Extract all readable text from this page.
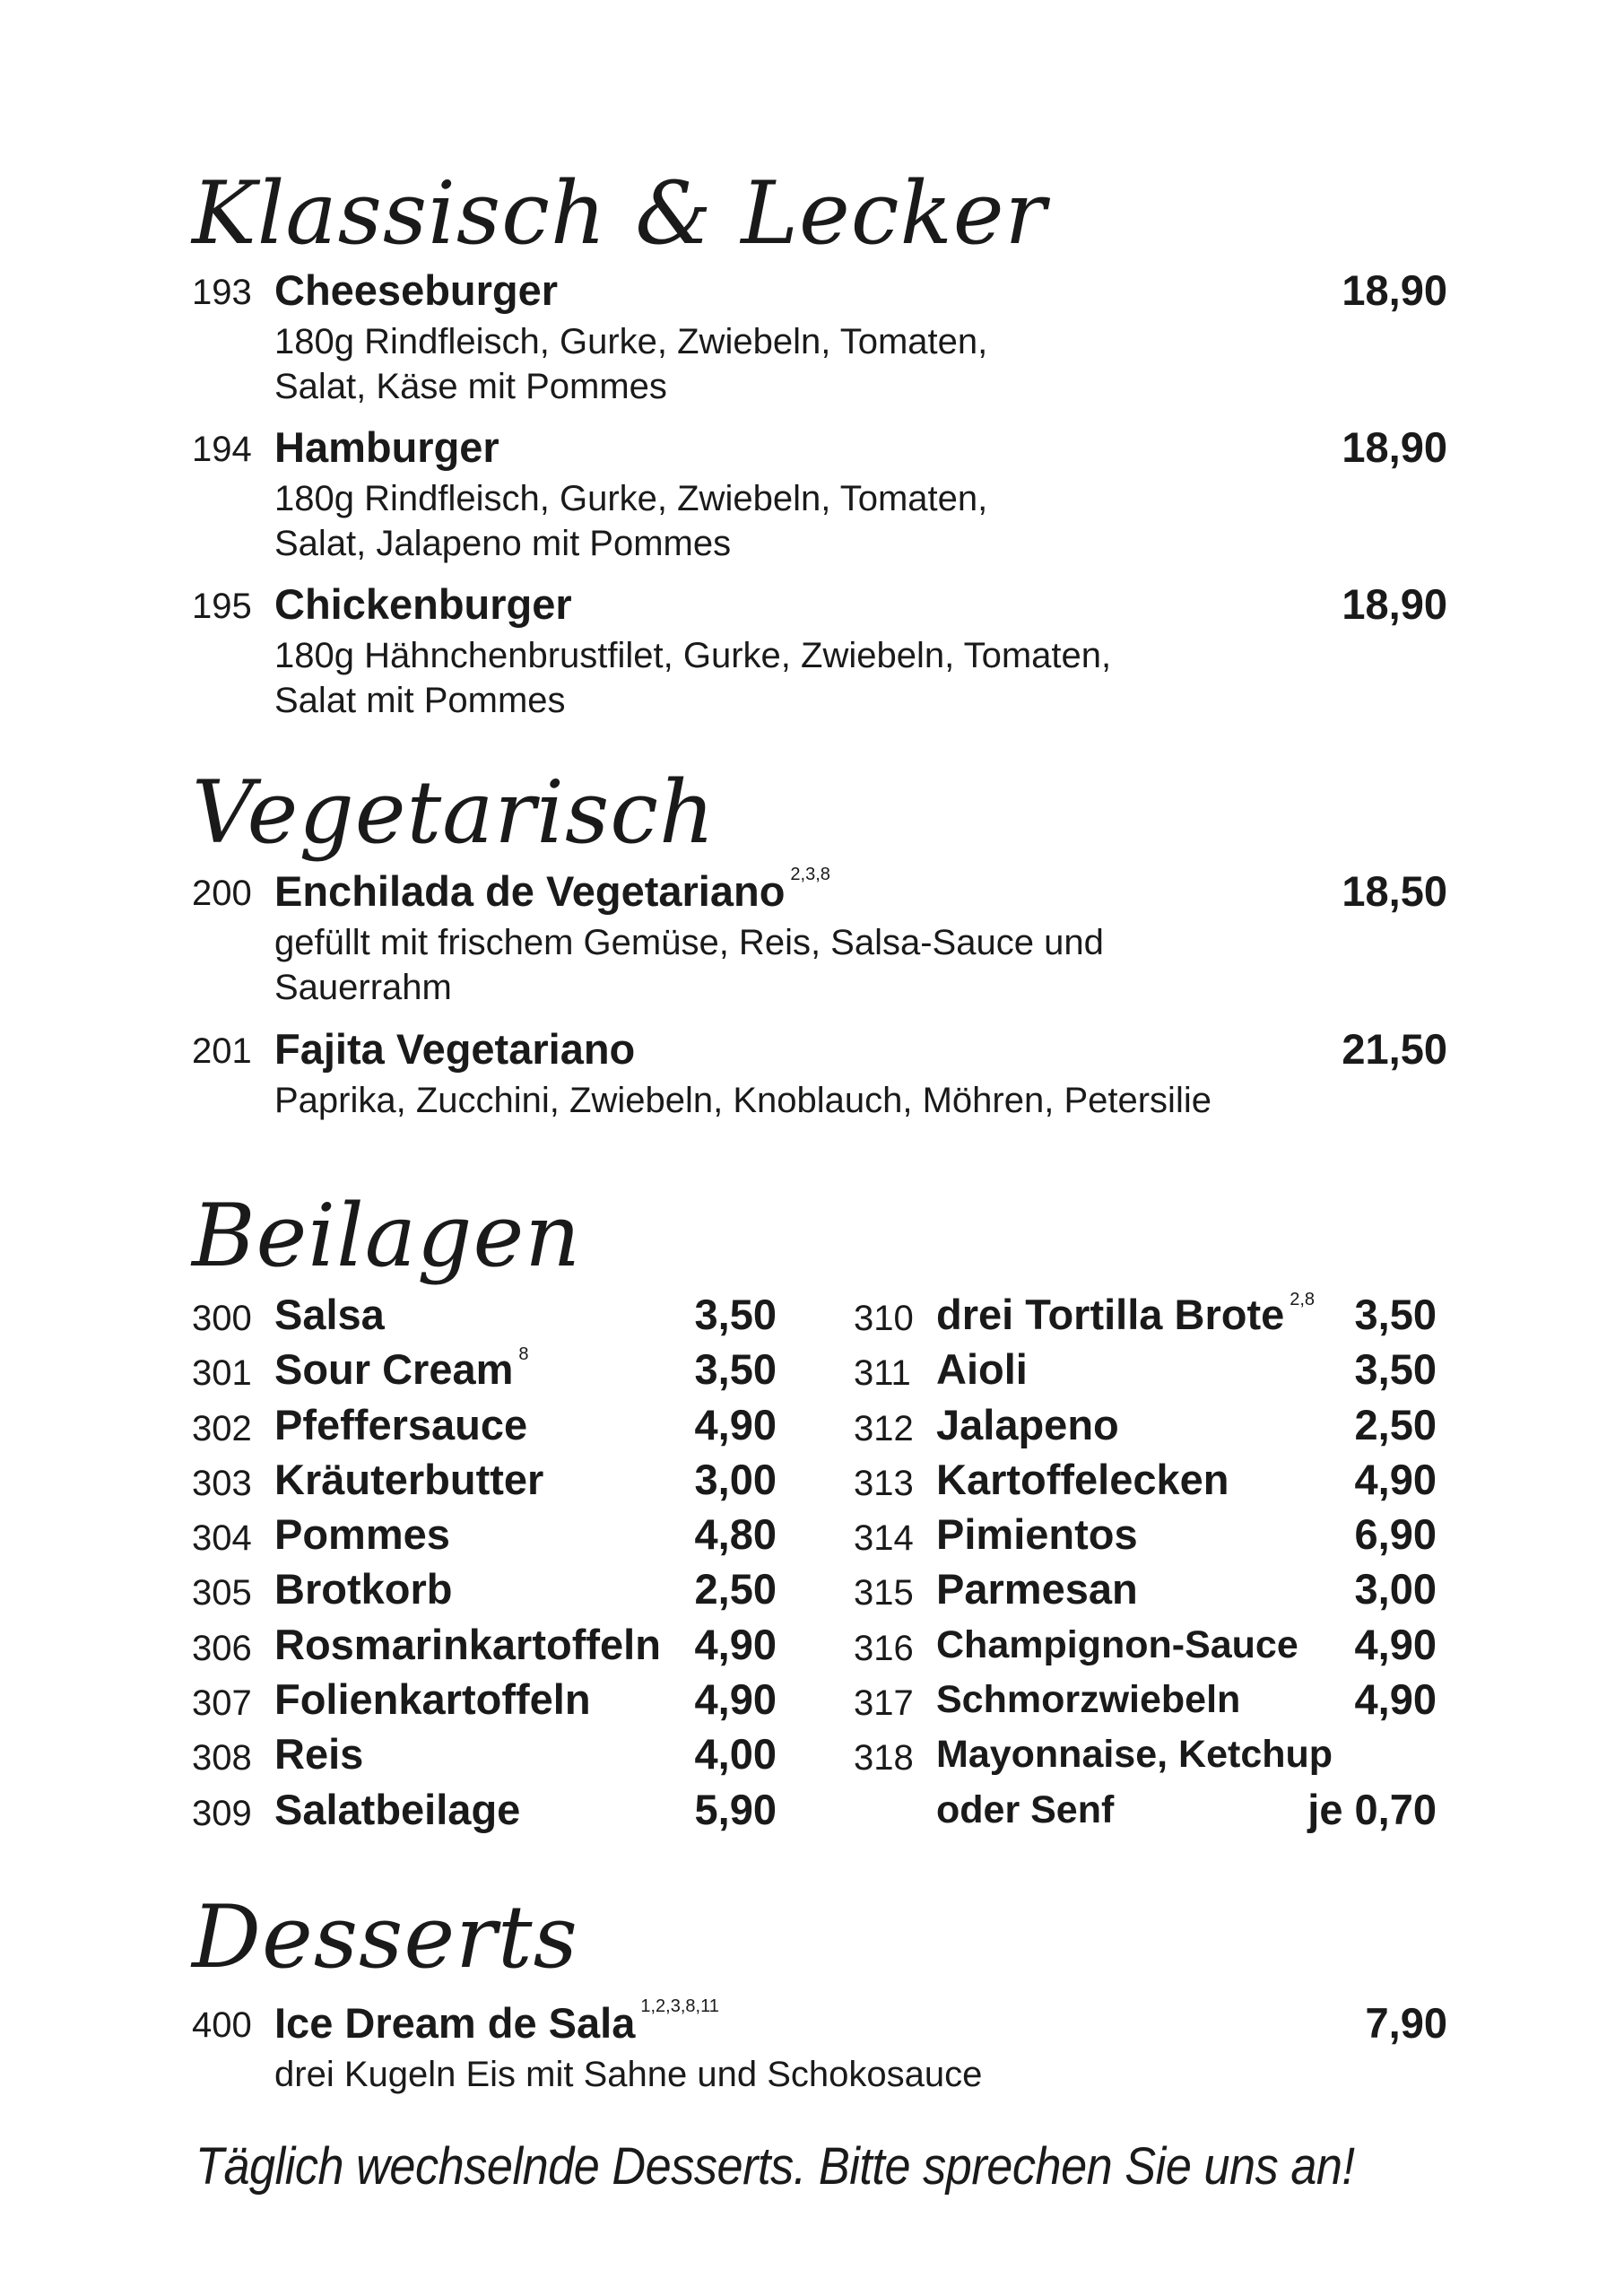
Klassisch & Lecker
193 Cheeseburger	18,90
180g Rindfleisch, Gurke, Zwiebeln, Tomaten,
Salat, Käse mit Pommes
194 Hamburger	18,90
180g Rindfleisch, Gurke, Zwiebeln, Tomaten,
Salat, Jalapeno mit Pommes
195 Chickenburger	18,90
180g Hähnchenbrustfilet, Gurke, Zwiebeln, Tomaten,
Salat mit Pommes
Vegetarisch
200 Enchilada de Vegetariano $^{2,3,8}$	18,50
gefüllt mit frischem Gemüse, Reis, Salsa-Sauce und
Sauerrahm
201 Fajita Vegetariano	21,50
Paprika, Zucchini, Zwiebeln, Knoblauch, Möhren, Petersilie
Beilagen
300 Salsa	3,50
301 Sour Cream $^8$	3,50
302 Pfeffersauce	4,90
303 Kräuterbutter	3,00
304 Pommes	4,80
305 Brotkorb	2,50
306 Rosmarinkartoffeln 4,90
307 Folienkartoffeln 4,90
308 Reis	4,00
309 Salatbeilage	5,90
310 drei Tortilla Brote $^{2,8}$ 3,50
311 Aioli	3,50
312 Jalapeno	2,50
313 Kartoffelecken	4,90
314 Pimientos	6,90
315 Parmesan	3,00
316 Champignon-Sauce 4,90
317 Schmorzwiebeln	4,90
318 Mayonnaise, Ketchup
oder Senf	je 0,70
Desserts
400 Ice Dream de Sala $^{1,2,3,8,11}$	7,90
drei Kugeln Eis mit Sahne und Schokosauce
Täglich wechselnde Desserts. Bitte sprechen Sie uns an!
